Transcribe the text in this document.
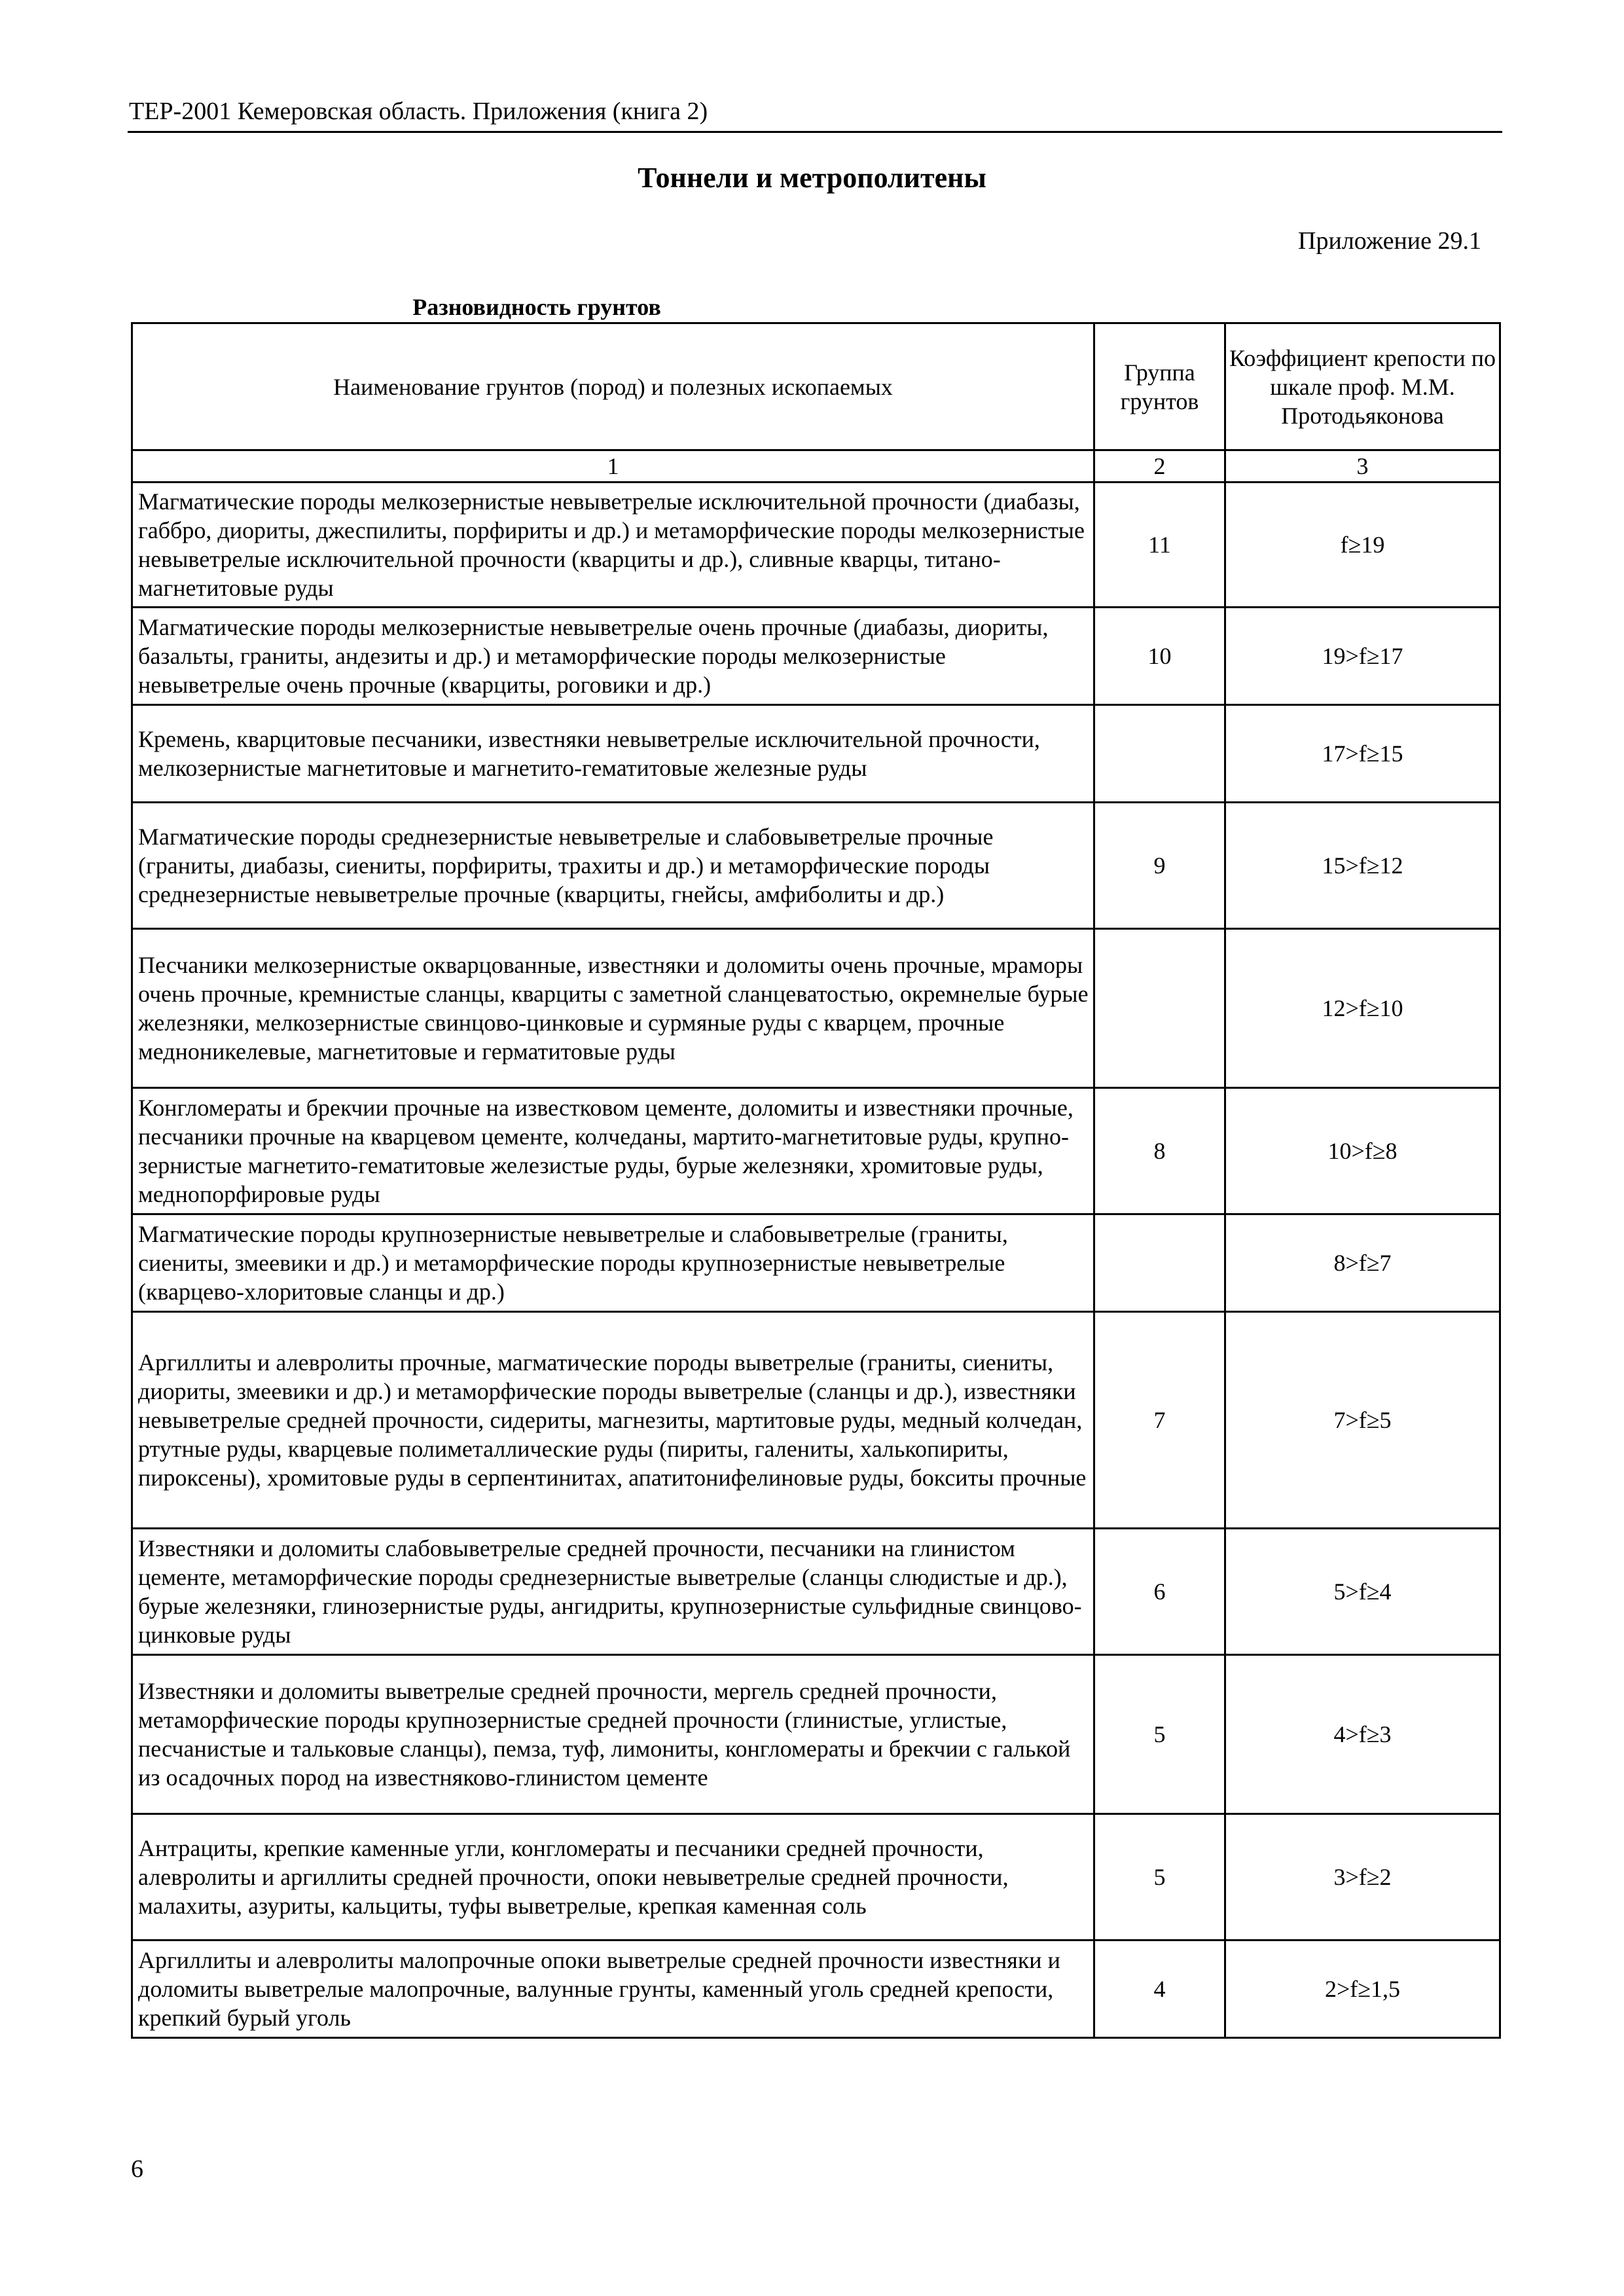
ТЕР-2001 Кемеровская область. Приложения (книга 2)
Тоннели и метрополитены
Приложение 29.1
Разновидность грунтов
Наименование грунтов (пород) и полезных ископаемых	Группа грунтов	Коэффициент крепости по шкале проф. М.М. Протодьяконова
1	2	3
Магматические породы мелкозернистые невыветрелые исключительной прочности (диабазы, габбро, диориты, джеспилиты, порфириты и др.) и метаморфические породы мелкозернистые невыветрелые исключительной прочности (кварциты и др.), сливные кварцы, титано-магнетитовые руды	11	f≥19
Магматические породы мелкозернистые невыветрелые очень прочные (диабазы, диориты, базальты, граниты, андезиты и др.) и метаморфические породы мелкозернистые невыветрелые очень прочные (кварциты, роговики и др.)	10	19>f≥17
Кремень, кварцитовые песчаники, известняки невыветрелые исключительной прочности, мелкозернистые магнетитовые и магнетито-гематитовые железные руды		17>f≥15
Магматические породы среднезернистые невыветрелые и слабовыветрелые прочные (граниты, диабазы, сиениты, порфириты, трахиты и др.) и метаморфические породы среднезернистые невыветрелые прочные (кварциты, гнейсы, амфиболиты и др.)	9	15>f≥12
Песчаники мелкозернистые окварцованные, известняки и доломиты очень прочные, мраморы очень прочные, кремнистые сланцы, кварциты с заметной сланцеватостью, окремнелые бурые железняки, мелкозернистые свинцово-цинковые и сурмяные руды с кварцем, прочные медноникелевые, магнетитовые и герматитовые руды		12>f≥10
Конгломераты и брекчии прочные на известковом цементе, доломиты и известняки прочные, песчаники прочные на кварцевом цементе, колчеданы, мартито-магнетитовые руды, крупно-зернистые магнетито-гематитовые железистые руды, бурые железняки, хромитовые руды, меднопорфировые руды	8	10>f≥8
Магматические породы крупнозернистые невыветрелые и слабовыветрелые (граниты, сиениты, змеевики и др.) и метаморфические породы крупнозернистые невыветрелые (кварцево-хлоритовые сланцы и др.)		8>f≥7
Аргиллиты и алевролиты прочные, магматические породы выветрелые (граниты, сиениты, диориты, змеевики и др.) и метаморфические породы выветрелые (сланцы и др.), известняки невыветрелые средней прочности, сидериты, магнезиты, мартитовые руды, медный колчедан, ртутные руды, кварцевые полиметаллические руды (пириты, галениты, халькопириты, пироксены), хромитовые руды в серпентинитах, апатитонифелиновые руды, бокситы прочные	7	7>f≥5
Известняки и доломиты слабовыветрелые средней прочности, песчаники на глинистом цементе, метаморфические породы среднезернистые выветрелые (сланцы слюдистые и др.), бурые железняки, глинозернистые руды, ангидриты, крупнозернистые сульфидные свинцово-цинковые руды	6	5>f≥4
Известняки и доломиты выветрелые средней прочности, мергель средней прочности, метаморфические породы крупнозернистые средней прочности (глинистые, углистые, песчанистые и тальковые сланцы), пемза, туф, лимониты, конгломераты и брекчии с галькой из осадочных пород на известняково-глинистом цементе	5	4>f≥3
Антрациты, крепкие каменные угли, конгломераты и песчаники средней прочности, алевролиты и аргиллиты средней прочности, опоки невыветрелые средней прочности, малахиты, азуриты, кальциты, туфы выветрелые, крепкая каменная соль	5	3>f≥2
Аргиллиты и алевролиты малопрочные опоки выветрелые средней прочности известняки и доломиты выветрелые малопрочные, валунные грунты, каменный уголь средней крепости, крепкий бурый уголь	4	2>f≥1,5
6
